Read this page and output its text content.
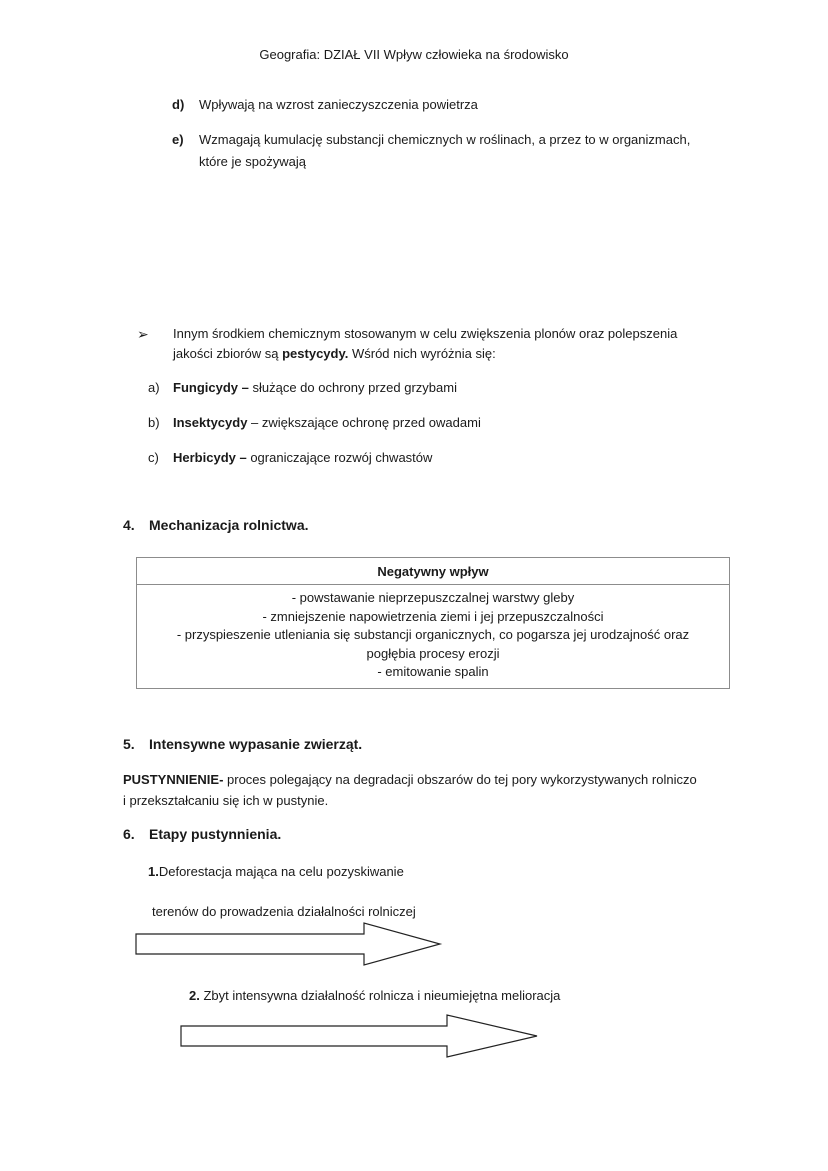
Geografia: DZIAŁ VII Wpływ człowieka na środowisko
d) Wpływają na wzrost zanieczyszczenia powietrza
e) Wzmagają kumulację substancji chemicznych w roślinach, a przez to w organizmach,
które je spożywają
➢ Innym środkiem chemicznym stosowanym w celu zwiększenia plonów oraz polepszenia
jakości zbiorów są pestycydy. Wśród nich wyróżnia się:
a) Fungicydy – służące do ochrony przed grzybami
b) Insektycydy – zwiększające ochronę przed owadami
c) Herbicydy – ograniczające rozwój chwastów
4. Mechanizacja rolnictwa.
Negatywny wpływ

- powstawanie nieprzepuszczalnej warstwy gleby
- zmniejszenie napowietrzenia ziemi i jej przepuszczalności
- przyspieszenie utleniania się substancji organicznych, co pogarsza jej urodzajność oraz
pogłębia procesy erozji
- emitowanie spalin
5. Intensywne wypasanie zwierząt.
PUSTYNNIENIE- proces polegający na degradacji obszarów do tej pory wykorzystywanych rolniczo
i przekształcaniu się ich w pustynie.
6. Etapy pustynnienia.
1.Deforestacja mająca na celu pozyskiwanie
terenów do prowadzenia działalności rolniczej
2. Zbyt intensywna działalność rolnicza i nieumiejętna melioracja
